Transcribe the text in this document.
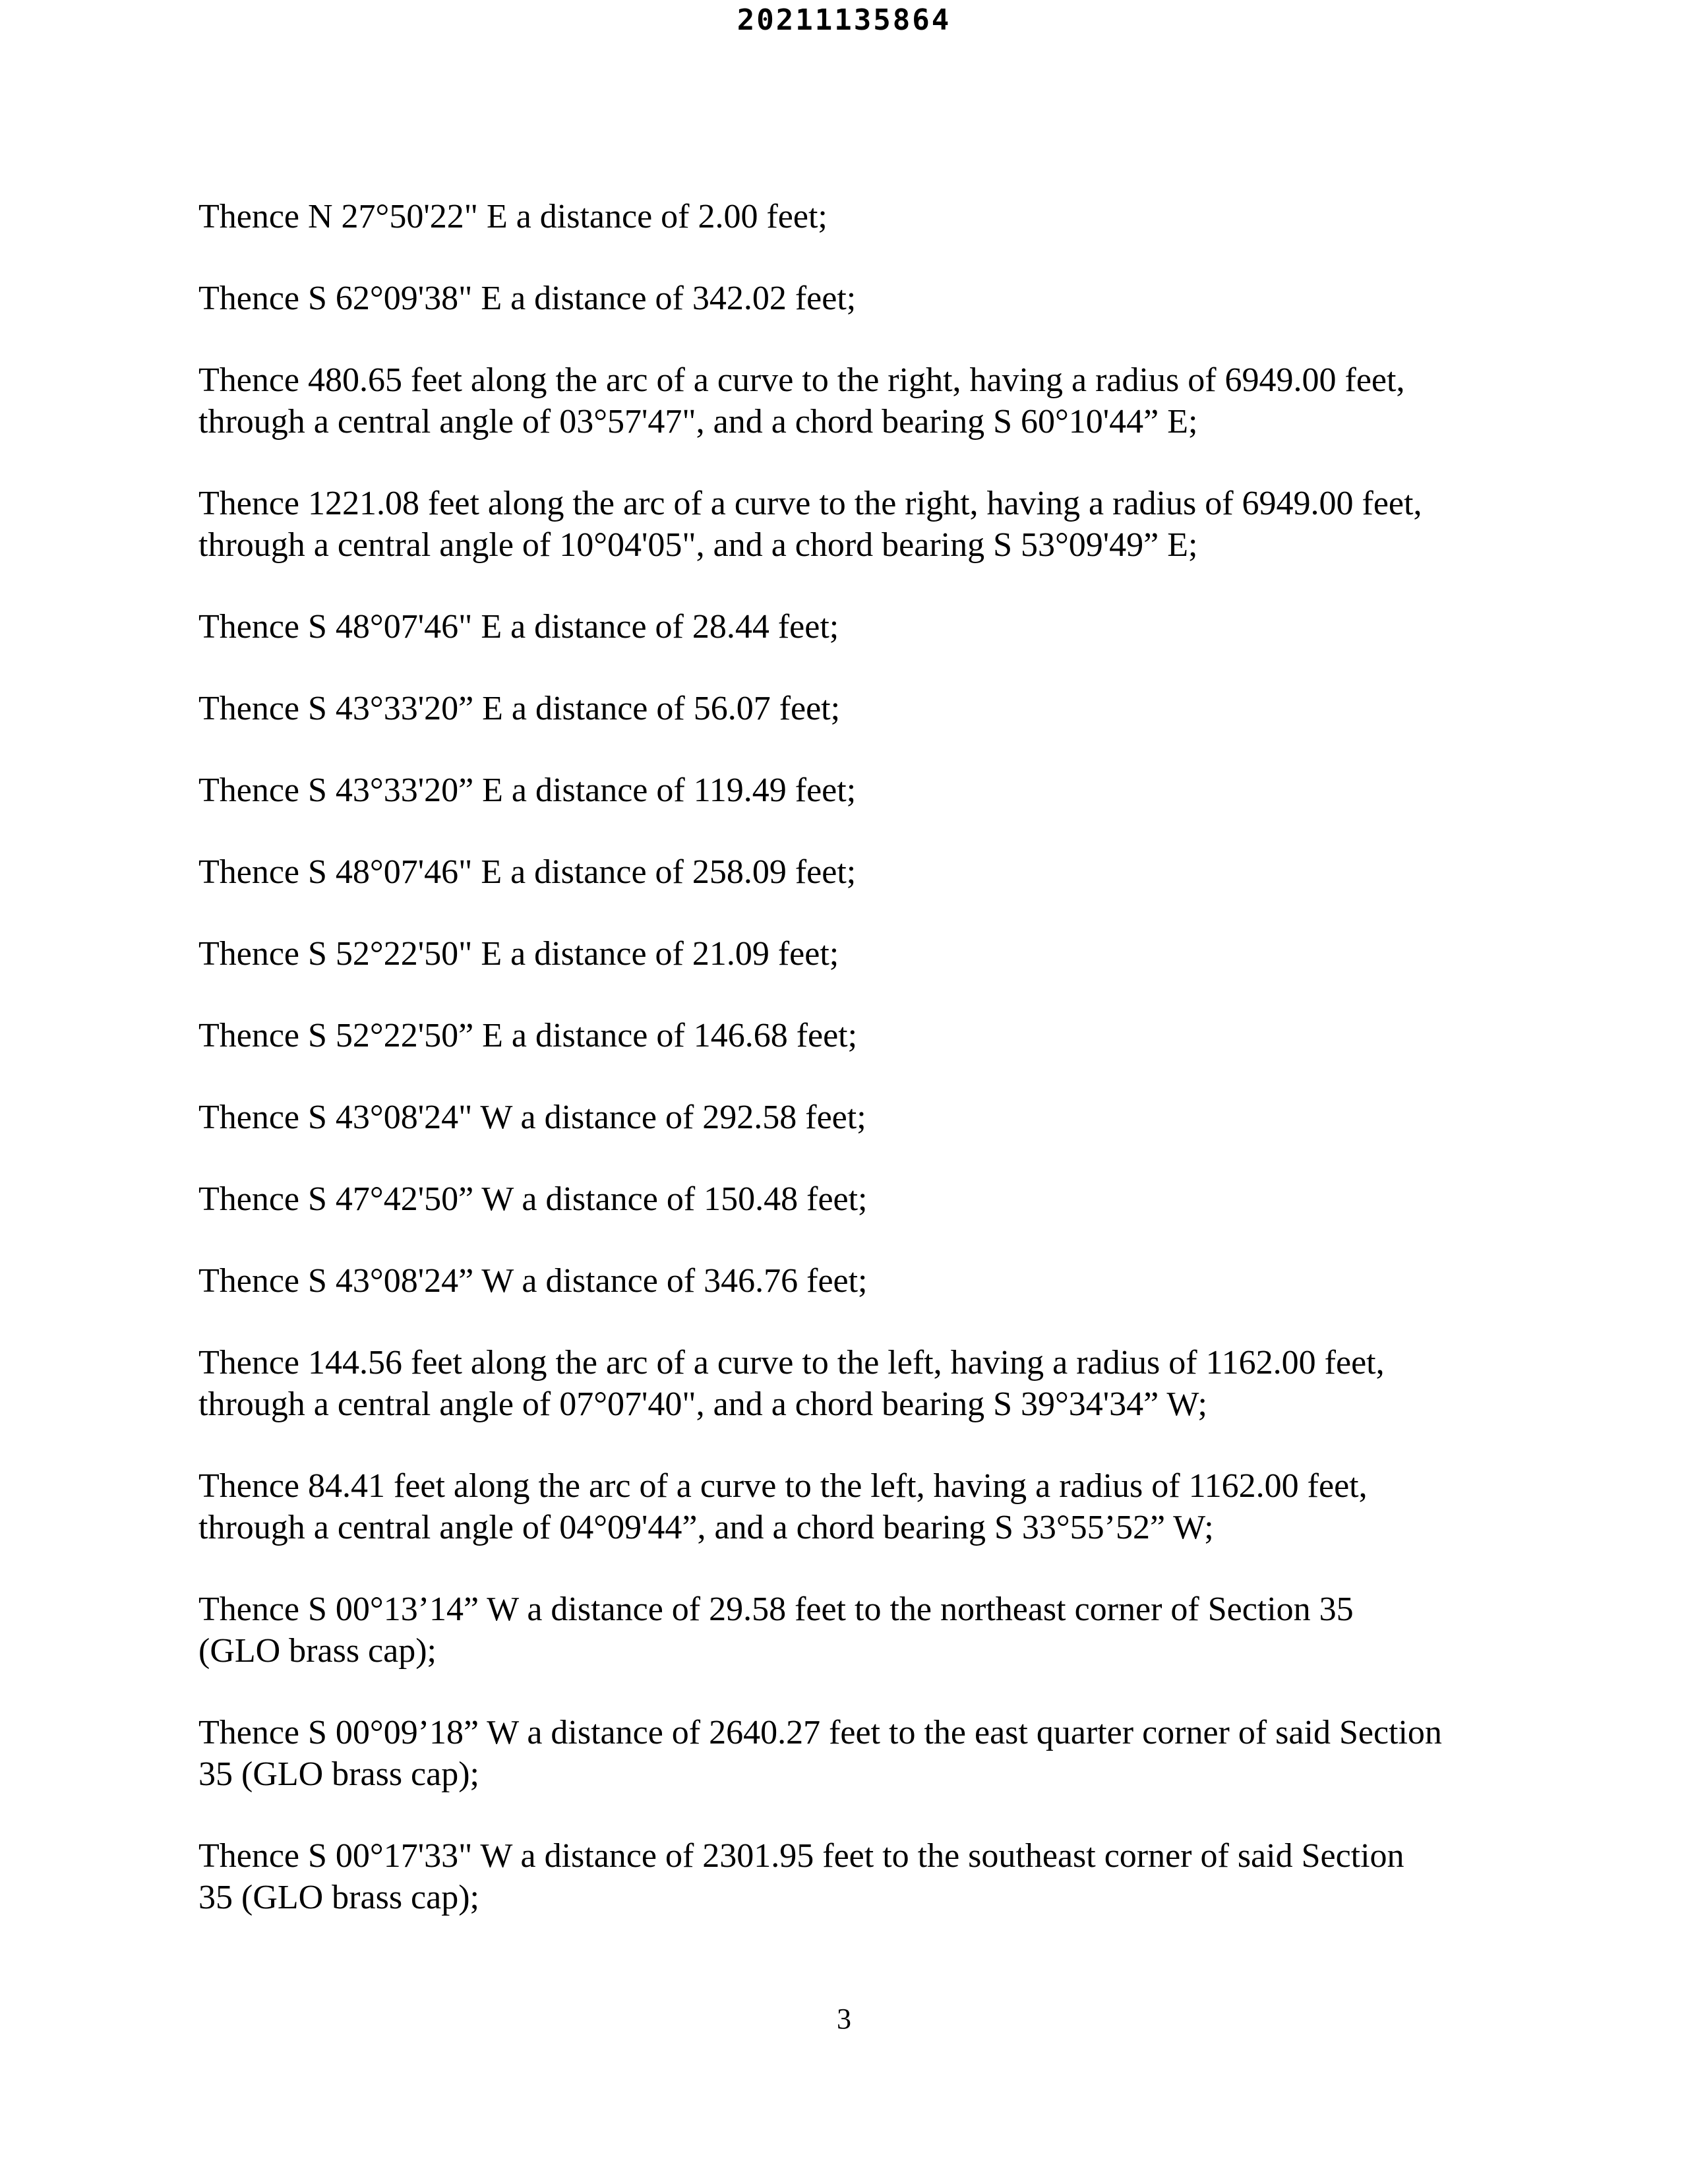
20211135864

Thence N 27°50'22" E a distance of 2.00 feet;

Thence S 62°09'38" E a distance of 342.02 feet;

Thence 480.65 feet along the arc of a curve to the right, having a radius of 6949.00 feet,
through a central angle of 03°57'47", and a chord bearing S 60°10'44” E;

Thence 1221.08 feet along the arc of a curve to the right, having a radius of 6949.00 feet,
through a central angle of 10°04'05", and a chord bearing S 53°09'49” E;

Thence S 48°07'46" E a distance of 28.44 feet;

Thence S 43°33'20” E a distance of 56.07 feet;

Thence S 43°33'20” E a distance of 119.49 feet;

Thence S 48°07'46" E a distance of 258.09 feet;

Thence S 52°22'50" E a distance of 21.09 feet;

Thence S 52°22'50” E a distance of 146.68 feet;

Thence S 43°08'24" W a distance of 292.58 feet;

Thence S 47°42'50” W a distance of 150.48 feet;

Thence S 43°08'24” W a distance of 346.76 feet;

Thence 144.56 feet along the arc of a curve to the left, having a radius of 1162.00 feet,
through a central angle of 07°07'40", and a chord bearing S 39°34'34” W;

Thence 84.41 feet along the arc of a curve to the left, having a radius of 1162.00 feet,
through a central angle of 04°09'44”, and a chord bearing S 33°55’52” W;

Thence S 00°13’14” W a distance of 29.58 feet to the northeast corner of Section 35
(GLO brass cap);

Thence S 00°09’18” W a distance of 2640.27 feet to the east quarter corner of said Section
35 (GLO brass cap);

Thence S 00°17'33" W a distance of 2301.95 feet to the southeast corner of said Section
35 (GLO brass cap);

3
